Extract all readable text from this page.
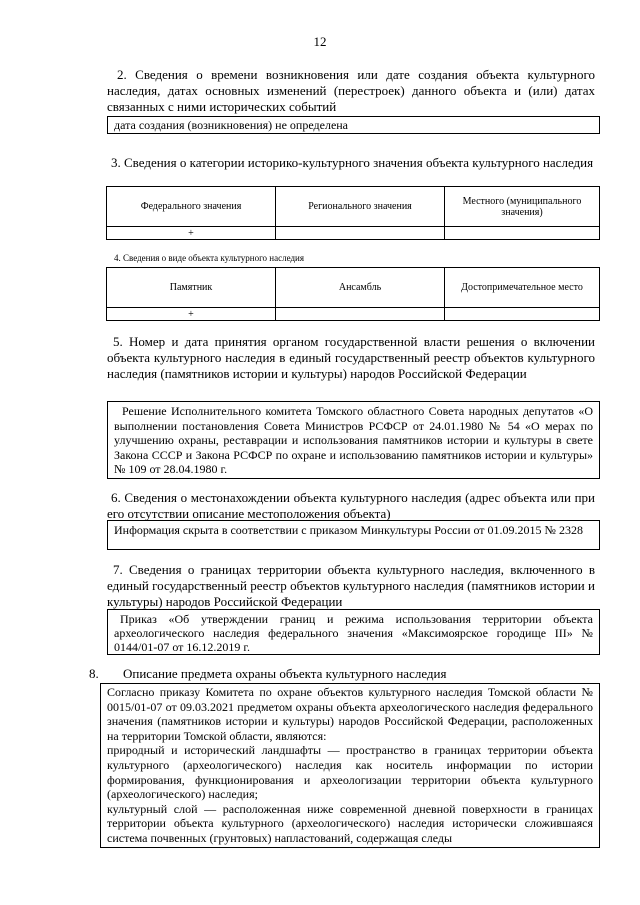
12
2. Сведения о времени возникновения или дате создания объекта культурного наследия, датах основных изменений (перестроек) данного объекта и (или) датах связанных с ними исторических событий
дата создания (возникновения) не определена
3. Сведения о категории историко-культурного значения объекта культурного наследия
Федерального значения	Регионального значения	Местного (муниципального значения)
+		
4. Сведения о виде объекта культурного наследия
Памятник	Ансамбль	Достопримечательное место
+		
5. Номер и дата принятия органом государственной власти решения о включении объекта культурного наследия в единый государственный реестр объектов культурного наследия (памятников истории и культуры) народов Российской Федерации
Решение Исполнительного комитета Томского областного Совета народных депутатов «О выполнении постановления Совета Министров РСФСР от 24.01.1980 № 54 «О мерах по улучшению охраны, реставрации и использования памятников истории и культуры в свете Закона СССР и Закона РСФСР по охране и использованию памятников истории и культуры» № 109 от 28.04.1980 г.
6. Сведения о местонахождении объекта культурного наследия (адрес объекта или при его отсутствии описание местоположения объекта)
Информация скрыта в соответствии с приказом Минкультуры России от 01.09.2015 № 2328
7. Сведения о границах территории объекта культурного наследия, включенного в единый государственный реестр объектов культурного наследия (памятников истории и культуры) народов Российской Федерации
Приказ «Об утверждении границ и режима использования территории объекта археологического наследия федерального значения «Максимоярское городище III» № 0144/01-07 от 16.12.2019 г.
8. Описание предмета охраны объекта культурного наследия
Согласно приказу Комитета по охране объектов культурного наследия Томской области № 0015/01-07 от 09.03.2021 предметом охраны объекта археологического наследия федерального значения (памятников истории и культуры) народов Российской Федерации, расположенных на территории Томской области, являются:
природный и исторический ландшафты — пространство в границах территории объекта культурного (археологического) наследия как носитель информации по истории формирования, функционирования и археологизации территории объекта культурного (археологического) наследия;
культурный слой — расположенная ниже современной дневной поверхности в границах территории объекта культурного (археологического) наследия исторически сложившаяся система почвенных (грунтовых) напластований, содержащая следы
